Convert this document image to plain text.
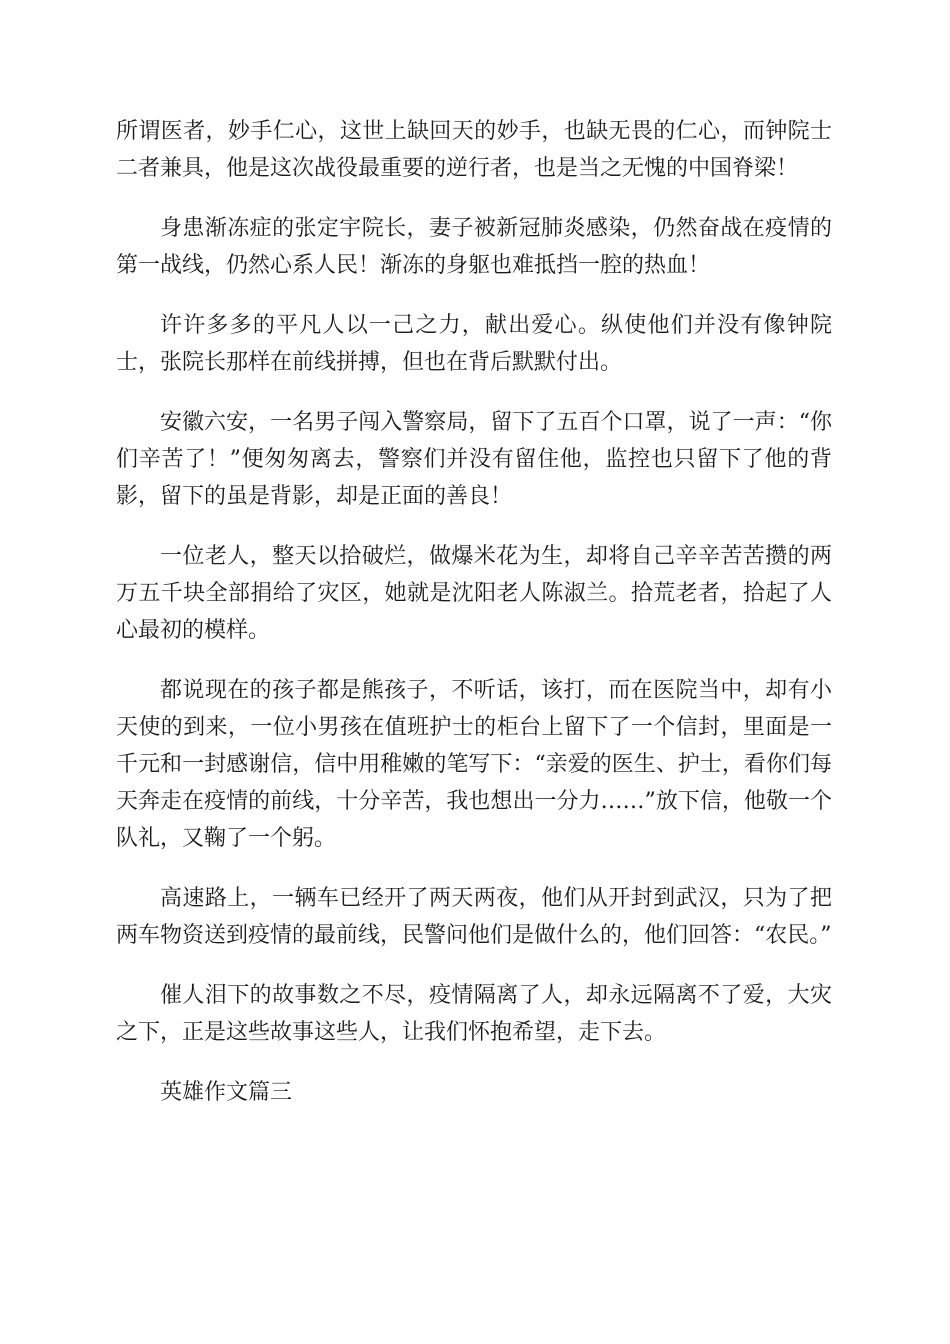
所谓医者，妙手仁心，这世上缺回天的妙手，也缺无畏的仁心，而钟院士二者兼具，他是这次战役最重要的逆行者，也是当之无愧的中国脊梁！

身患渐冻症的张定宇院长，妻子被新冠肺炎感染，仍然奋战在疫情的第一战线，仍然心系人民！渐冻的身躯也难抵挡一腔的热血！

许许多多的平凡人以一己之力，献出爱心。纵使他们并没有像钟院士，张院长那样在前线拼搏，但也在背后默默付出。

安徽六安，一名男子闯入警察局，留下了五百个口罩，说了一声：“你们辛苦了！”便匆匆离去，警察们并没有留住他，监控也只留下了他的背影，留下的虽是背影，却是正面的善良！

一位老人，整天以拾破烂，做爆米花为生，却将自己辛辛苦苦攒的两万五千块全部捐给了灾区，她就是沈阳老人陈淑兰。拾荒老者，拾起了人心最初的模样。

都说现在的孩子都是熊孩子，不听话，该打，而在医院当中，却有小天使的到来，一位小男孩在值班护士的柜台上留下了一个信封，里面是一千元和一封感谢信，信中用稚嫩的笔写下：“亲爱的医生、护士，看你们每天奔走在疫情的前线，十分辛苦，我也想出一分力……”放下信，他敬一个队礼，又鞠了一个躬。

高速路上，一辆车已经开了两天两夜，他们从开封到武汉，只为了把两车物资送到疫情的最前线，民警问他们是做什么的，他们回答：“农民。”

催人泪下的故事数之不尽，疫情隔离了人，却永远隔离不了爱，大灾之下，正是这些故事这些人，让我们怀抱希望，走下去。

英雄作文篇三
